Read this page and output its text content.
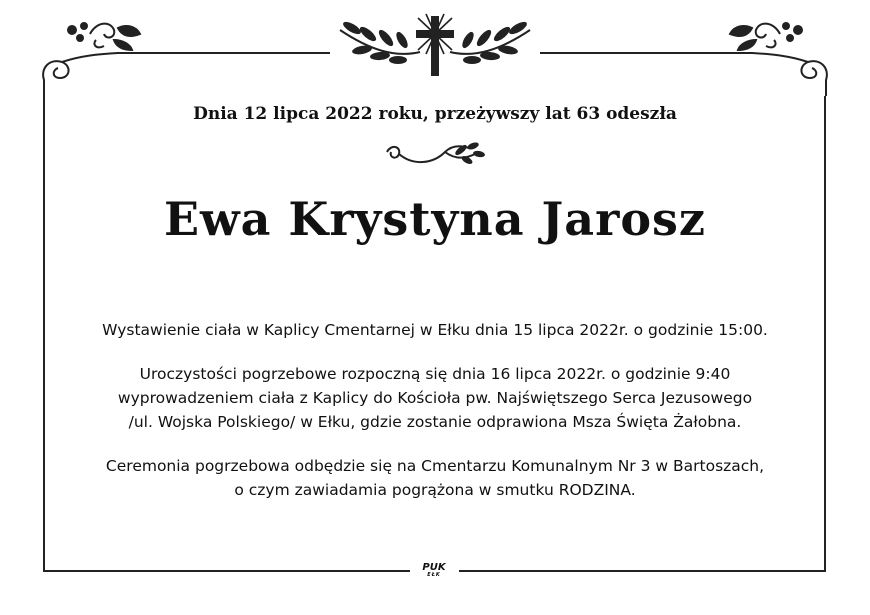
Dnia 12 lipca 2022 roku, przeżywszy lat 63 odeszła
Ewa Krystyna Jarosz

Wystawienie ciała w Kaplicy Cmentarnej w Ełku dnia 15 lipca 2022r. o godzinie 15:00.

Uroczystości pogrzebowe rozpoczną się dnia 16 lipca 2022r. o godzinie 9:40
wyprowadzeniem ciała z Kaplicy do Kościoła pw. Najświętszego Serca Jezusowego
/ul. Wojska Polskiego/ w Ełku, gdzie zostanie odprawiona Msza Święta Żałobna.

Ceremonia pogrzebowa odbędzie się na Cmentarzu Komunalnym Nr 3 w Bartoszach,
o czym zawiadamia pogrążona w smutku RODZINA.

PUK
EŁK
